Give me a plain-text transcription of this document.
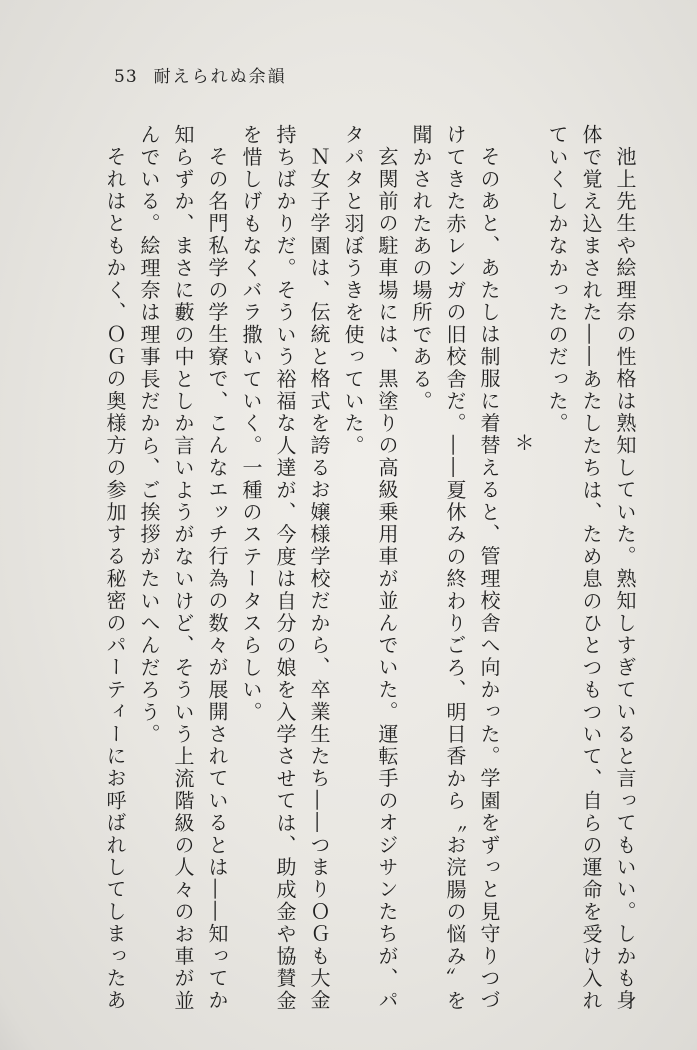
53 耐えられぬ余韻

池上先生や絵理奈の性格は熟知していた。熟知しすぎていると言ってもいい。しかも身

体で覚え込まされた――あたしたちは、ため息のひとつもついて、自らの運命を受け入れ

ていくしかなかったのだった。

＊

そのあと、あたしは制服に着替えると、管理校舎へ向かった。学園をずっと見守りつづ

けてきた赤レンガの旧校舎だ。――夏休みの終わりごろ、明日香から〝お浣腸の悩み〟を

聞かされたあの場所である。

玄関前の駐車場には、黒塗りの高級乗用車が並んでいた。運転手のオジサンたちが、パ

タパタと羽ぼうきを使っていた。

Ｎ女子学園は、伝統と格式を誇るお嬢様学校だから、卒業生たち――つまりＯＧも大金

持ちばかりだ。そういう裕福な人達が、今度は自分の娘を入学させては、助成金や協賛金

を惜しげもなくバラ撒いていく。一種のステータスらしい。

その名門私学の学生寮で、こんなエッチ行為の数々が展開されているとは――知ってか

知らずか、まさに藪の中としか言いようがないけど、そういう上流階級の人々のお車が並

んでいる。絵理奈は理事長だから、ご挨拶がたいへんだろう。

それはともかく、ＯＧの奥様方の参加する秘密のパーティーにお呼ばれしてしまったあ
